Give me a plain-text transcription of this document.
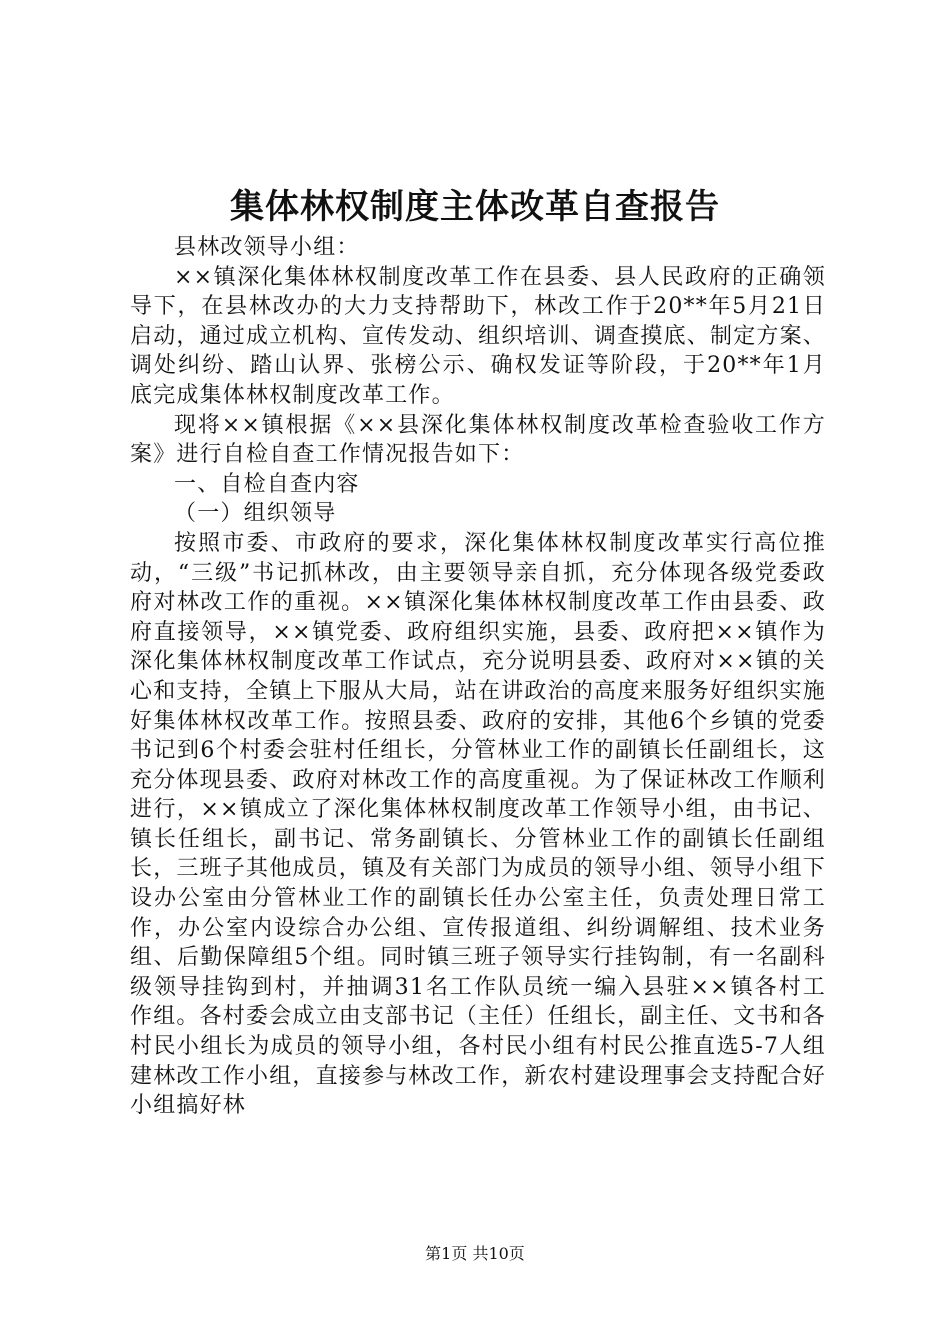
集体林权制度主体改革自查报告

县林改领导小组：

××镇深化集体林权制度改革工作在县委、县人民政府的正确领导下，在县林改办的大力支持帮助下，林改工作于20**年5月21日启动，通过成立机构、宣传发动、组织培训、调查摸底、制定方案、调处纠纷、踏山认界、张榜公示、确权发证等阶段，于20**年1月底完成集体林权制度改革工作。

现将××镇根据《××县深化集体林权制度改革检查验收工作方案》进行自检自查工作情况报告如下：

一、自检自查内容

（一）组织领导

按照市委、市政府的要求，深化集体林权制度改革实行高位推动，“三级”书记抓林改，由主要领导亲自抓，充分体现各级党委政府对林改工作的重视。××镇深化集体林权制度改革工作由县委、政府直接领导，××镇党委、政府组织实施，县委、政府把××镇作为深化集体林权制度改革工作试点，充分说明县委、政府对××镇的关心和支持，全镇上下服从大局，站在讲政治的高度来服务好组织实施好集体林权改革工作。按照县委、政府的安排，其他6个乡镇的党委书记到6个村委会驻村任组长，分管林业工作的副镇长任副组长，这充分体现县委、政府对林改工作的高度重视。为了保证林改工作顺利进行，××镇成立了深化集体林权制度改革工作领导小组，由书记、镇长任组长，副书记、常务副镇长、分管林业工作的副镇长任副组长，三班子其他成员，镇及有关部门为成员的领导小组、领导小组下设办公室由分管林业工作的副镇长任办公室主任，负责处理日常工作，办公室内设综合办公组、宣传报道组、纠纷调解组、技术业务组、后勤保障组5个组。同时镇三班子领导实行挂钩制，有一名副科级领导挂钩到村，并抽调31名工作队员统一编入县驻××镇各村工作组。各村委会成立由支部书记（主任）任组长，副主任、文书和各村民小组长为成员的领导小组，各村民小组有村民公推直选5-7人组建林改工作小组，直接参与林改工作，新农村建设理事会支持配合好小组搞好林

第1页 共10页
